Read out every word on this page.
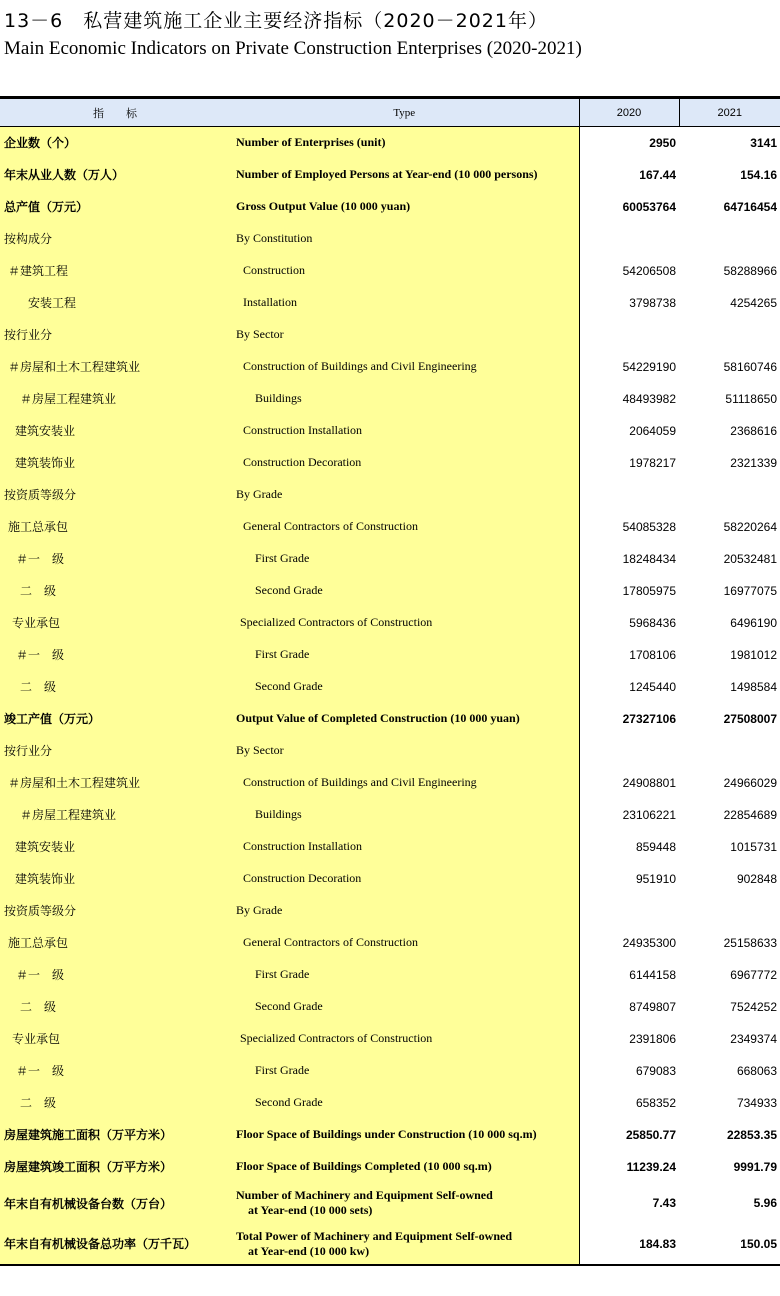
13－6　私营建筑施工企业主要经济指标（2020－2021年）
Main Economic Indicators on Private Construction Enterprises (2020-2021)
指　　标	Type	2020	2021
企业数（个）	Number of Enterprises (unit)	2950	3141
年末从业人数（万人）	Number of Employed Persons at Year-end (10 000 persons)	167.44	154.16
总产值（万元）	Gross Output Value (10 000 yuan)	60053764	64716454
按构成分	By Constitution		
＃建筑工程	Construction	54206508	58288966
安装工程	Installation	3798738	4254265
按行业分	By Sector		
＃房屋和土木工程建筑业	Construction of Buildings and Civil Engineering	54229190	58160746
＃房屋工程建筑业	Buildings	48493982	51118650
建筑安装业	Construction Installation	2064059	2368616
建筑装饰业	Construction Decoration	1978217	2321339
按资质等级分	By Grade		
施工总承包	General Contractors of Construction	54085328	58220264
＃一　级	First Grade	18248434	20532481
二　级	Second Grade	17805975	16977075
专业承包	Specialized Contractors of Construction	5968436	6496190
＃一　级	First Grade	1708106	1981012
二　级	Second Grade	1245440	1498584
竣工产值（万元）	Output Value of Completed Construction (10 000 yuan)	27327106	27508007
按行业分	By Sector		
＃房屋和土木工程建筑业	Construction of Buildings and Civil Engineering	24908801	24966029
＃房屋工程建筑业	Buildings	23106221	22854689
建筑安装业	Construction Installation	859448	1015731
建筑装饰业	Construction Decoration	951910	902848
按资质等级分	By Grade		
施工总承包	General Contractors of Construction	24935300	25158633
＃一　级	First Grade	6144158	6967772
二　级	Second Grade	8749807	7524252
专业承包	Specialized Contractors of Construction	2391806	2349374
＃一　级	First Grade	679083	668063
二　级	Second Grade	658352	734933
房屋建筑施工面积（万平方米）	Floor Space of Buildings under Construction (10 000 sq.m)	25850.77	22853.35
房屋建筑竣工面积（万平方米）	Floor Space of Buildings Completed (10 000 sq.m)	11239.24	9991.79
年末自有机械设备台数（万台）	Number of Machinery and Equipment Self-owned
at Year-end (10 000 sets)	7.43	5.96
年末自有机械设备总功率（万千瓦）	Total Power of Machinery and Equipment Self-owned
at Year-end (10 000 kw)	184.83	150.05
